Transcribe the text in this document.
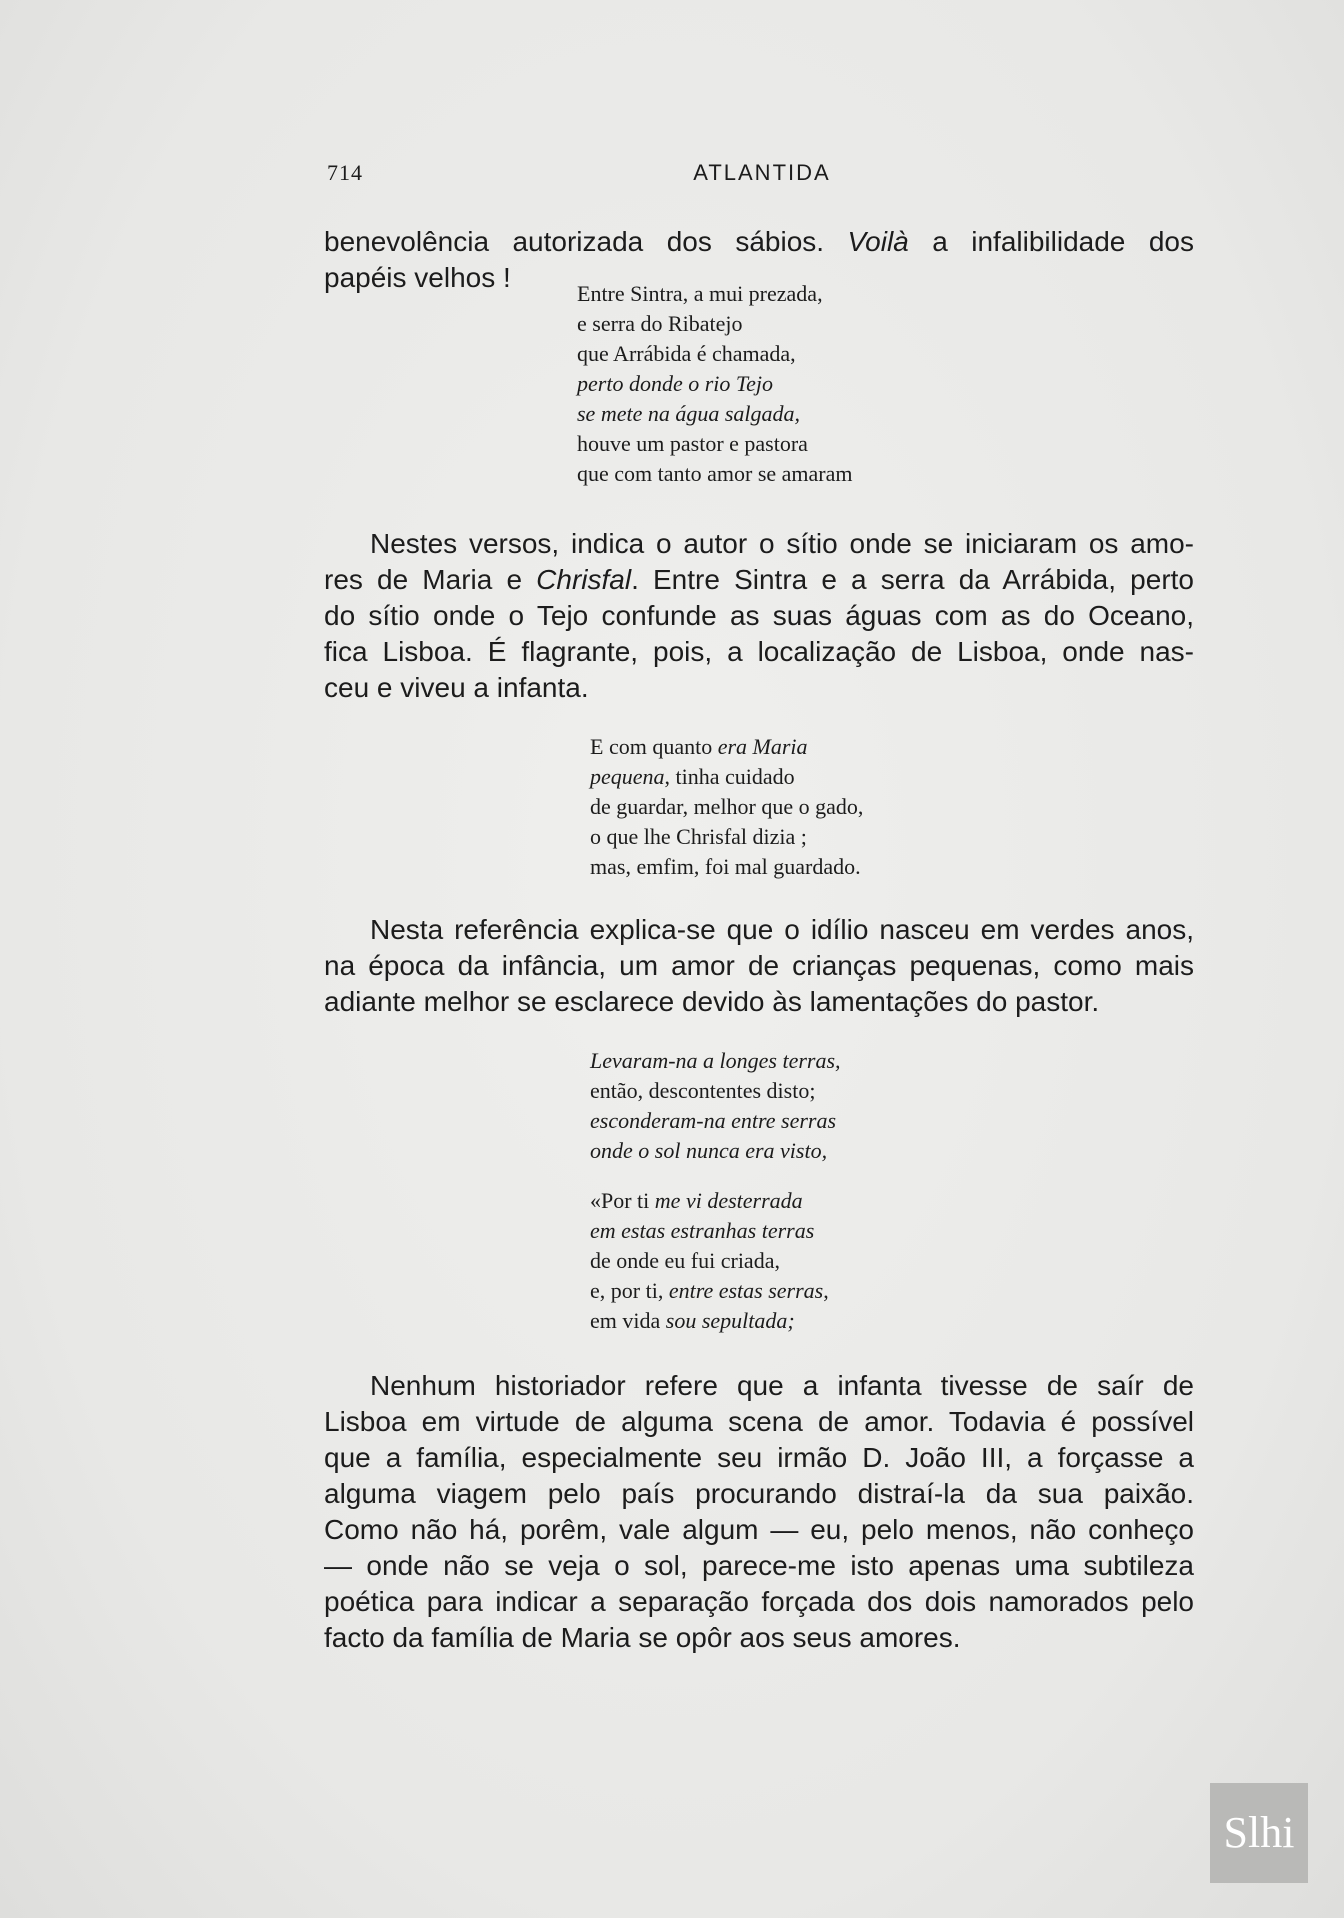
714	ATLANTIDA
benevolência autorizada dos sábios. Voilà a infalibilidade dos
papéis velhos !
Entre Sintra, a mui prezada,
e serra do Ribatejo
que Arrábida é chamada,
perto donde o rio Tejo
se mete na água salgada,
houve um pastor e pastora
que com tanto amor se amaram
Nestes versos, indica o autor o sítio onde se iniciaram os amo-
res de Maria e Chrisfal. Entre Sintra e a serra da Arrábida, perto
do sítio onde o Tejo confunde as suas águas com as do Oceano,
fica Lisboa. É flagrante, pois, a localização de Lisboa, onde nas-
ceu e viveu a infanta.
E com quanto era Maria
pequena, tinha cuidado
de guardar, melhor que o gado,
o que lhe Chrisfal dizia ;
mas, emfim, foi mal guardado.
Nesta referência explica-se que o idílio nasceu em verdes anos,
na época da infância, um amor de crianças pequenas, como mais
adiante melhor se esclarece devido às lamentações do pastor.
Levaram-na a longes terras,
então, descontentes disto;
esconderam-na entre serras
onde o sol nunca era visto,
«Por ti me vi desterrada
em estas estranhas terras
de onde eu fui criada,
e, por ti, entre estas serras,
em vida sou sepultada;
Nenhum historiador refere que a infanta tivesse de saír de
Lisboa em virtude de alguma scena de amor. Todavia é possível
que a família, especialmente seu irmão D. João III, a forçasse a
alguma viagem pelo país procurando distraí-la da sua paixão.
Como não há, porêm, vale algum — eu, pelo menos, não conheço
— onde não se veja o sol, parece-me isto apenas uma subtileza
poética para indicar a separação forçada dos dois namorados pelo
facto da família de Maria se opôr aos seus amores.
Slhi
